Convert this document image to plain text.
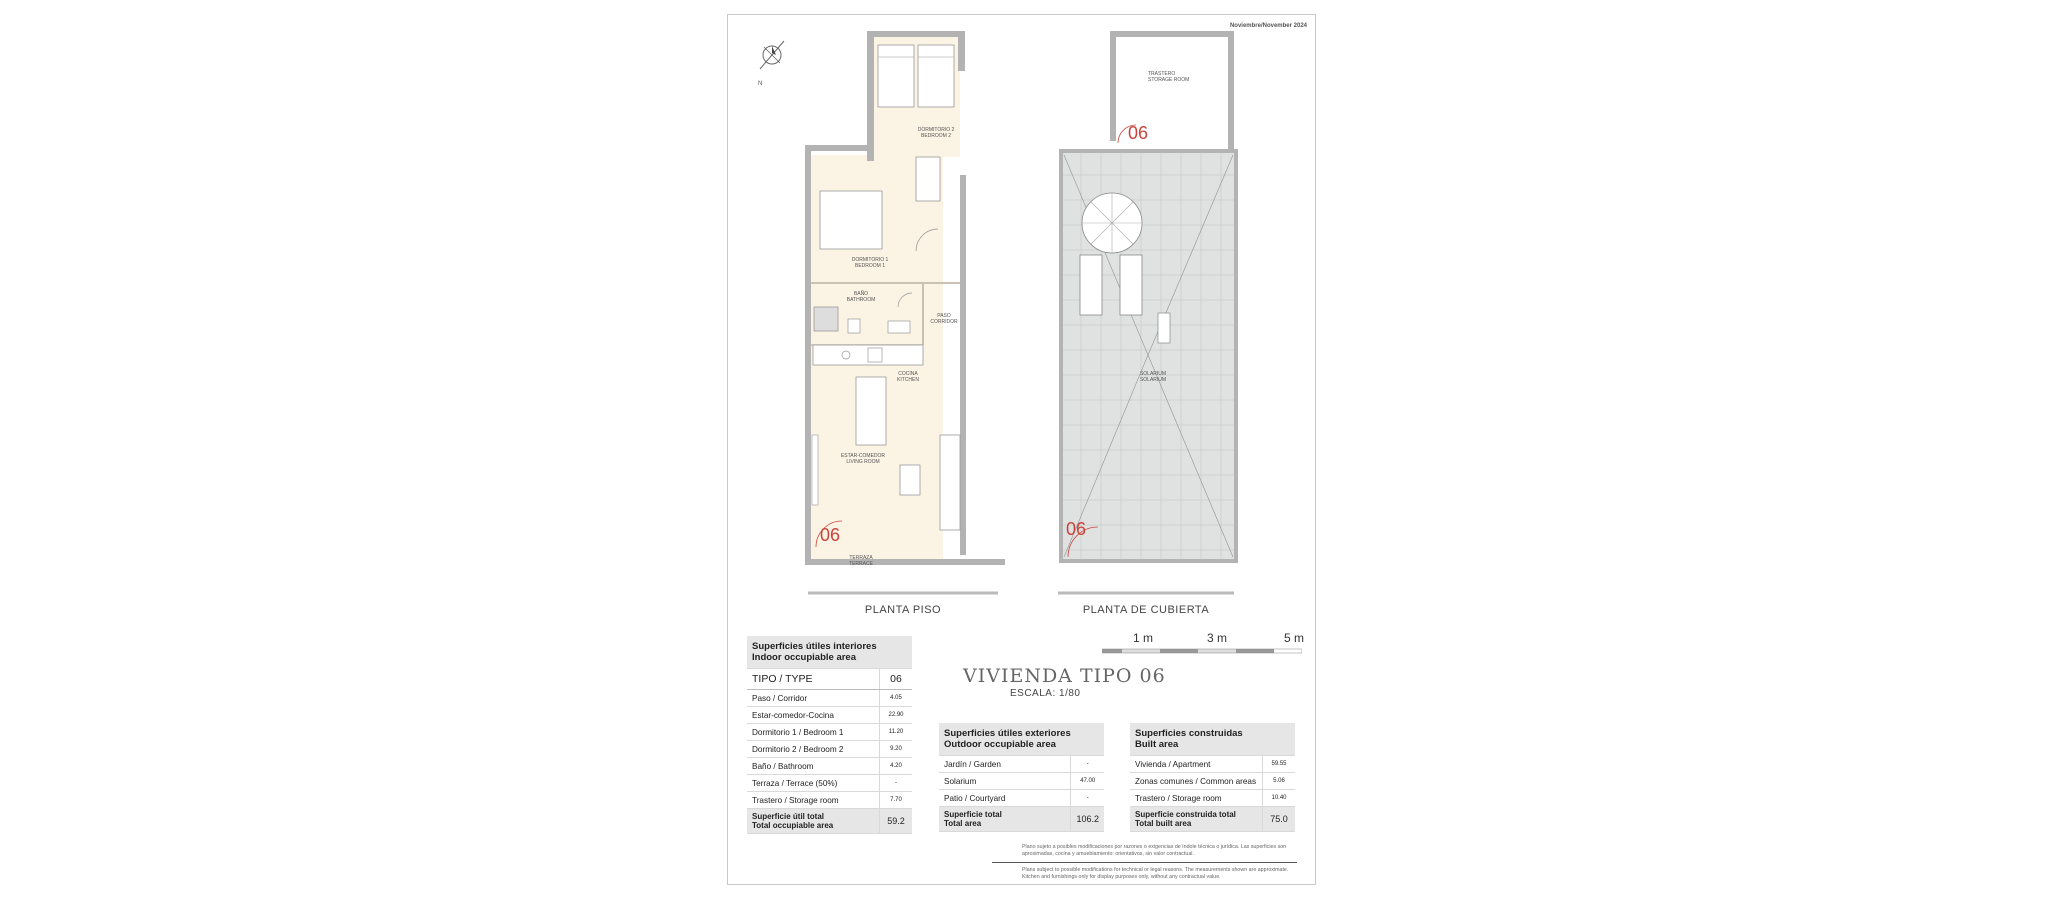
Noviembre/November 2024
N
DORMITORIO 2
BEDROOM 2
DORMITORIO 1
BEDROOM 1
BAÑO
BATHROOM
PASO
CORRIDOR
COCINA
KITCHEN
ESTAR-COMEDOR
LIVING ROOM
TERRAZA
TERRACE
06
TRASTERO
STORAGE ROOM
SOLARIUM
SOLARIUM
06
06
PLANTA PISO	PLANTA DE CUBIERTA
1 m	3 m	5 m
VIVIENDA TIPO 06
ESCALA: 1/80
Superficies útiles interiores
Indoor occupiable area	
TIPO / TYPE	06
Paso / Corridor	4.05
Estar-comedor-Cocina	22.90
Dormitorio 1 / Bedroom 1	11.20
Dormitorio 2 / Bedroom 2	9.20
Baño / Bathroom	4.20
Terraza / Terrace (50%)	-
Trastero / Storage room	7.70
Superficie útil total
Total occupiable area	59.2
Superficies útiles exteriores
Outdoor occupiable area	
Jardín / Garden	-
Solarium	47.00
Patio / Courtyard	-
Superficie total
Total area	106.2
Superficies construidas
Built area	
Vivienda / Apartment	59.55
Zonas comunes / Common areas	5.06
Trastero / Storage room	10.40
Superficie construida total
Total built area	75.0
Plano sujeto a posibles modificaciones por razones o exigencias de índole técnica o jurídica. Las superficies son aproximadas, cocina y amueblamiento: orientativos, sin valor contractual.
Plans subject to possible modifications for technical or legal reasons. The measurements shown are approximate. Kitchen and furnishings only for display purposes only, without any contractual value.
